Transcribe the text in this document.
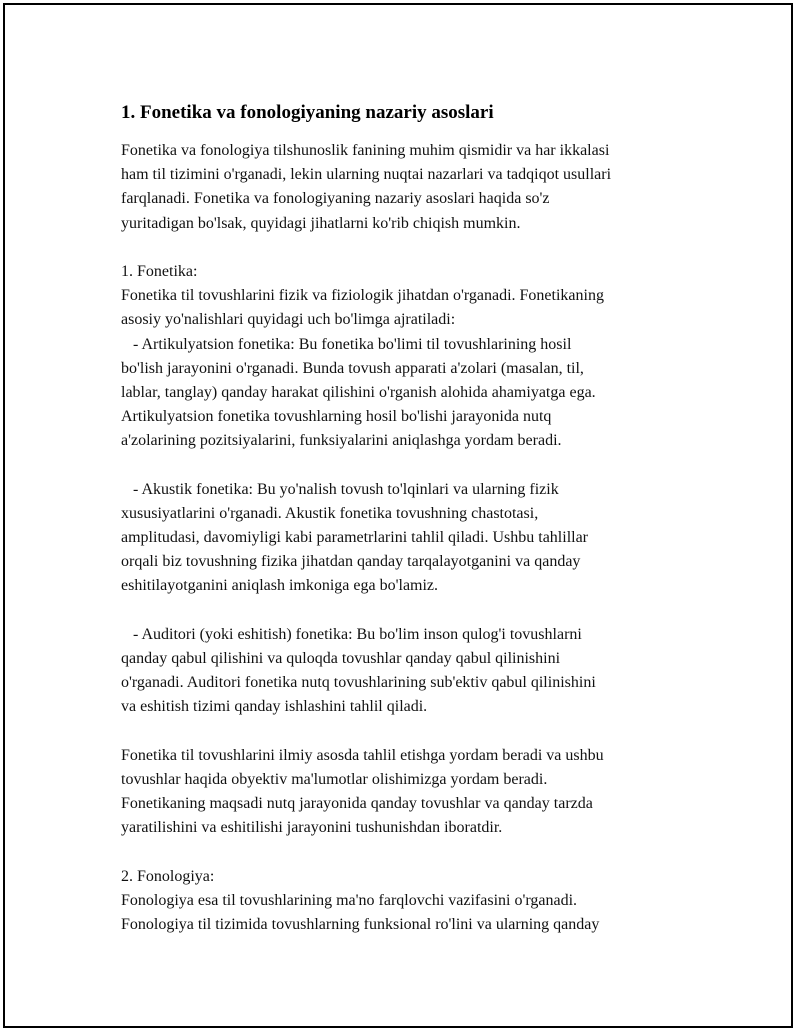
1. Fonetika va fonologiyaning nazariy asoslari
Fonetika va fonologiya tilshunoslik fanining muhim qismidir va har ikkalasi
ham til tizimini o'rganadi, lekin ularning nuqtai nazarlari va tadqiqot usullari
farqlanadi. Fonetika va fonologiyaning nazariy asoslari haqida so'z
yuritadigan bo'lsak, quyidagi jihatlarni ko'rib chiqish mumkin.
1. Fonetika:
Fonetika til tovushlarini fizik va fiziologik jihatdan o'rganadi. Fonetikaning
asosiy yo'nalishlari quyidagi uch bo'limga ajratiladi:
- Artikulyatsion fonetika: Bu fonetika bo'limi til tovushlarining hosil
bo'lish jarayonini o'rganadi. Bunda tovush apparati a'zolari (masalan, til,
lablar, tanglay) qanday harakat qilishini o'rganish alohida ahamiyatga ega.
Artikulyatsion fonetika tovushlarning hosil bo'lishi jarayonida nutq
a'zolarining pozitsiyalarini, funksiyalarini aniqlashga yordam beradi.
- Akustik fonetika: Bu yo'nalish tovush to'lqinlari va ularning fizik
xususiyatlarini o'rganadi. Akustik fonetika tovushning chastotasi,
amplitudasi, davomiyligi kabi parametrlarini tahlil qiladi. Ushbu tahlillar
orqali biz tovushning fizika jihatdan qanday tarqalayotganini va qanday
eshitilayotganini aniqlash imkoniga ega bo'lamiz.
- Auditori (yoki eshitish) fonetika: Bu bo'lim inson qulog'i tovushlarni
qanday qabul qilishini va quloqda tovushlar qanday qabul qilinishini
o'rganadi. Auditori fonetika nutq tovushlarining sub'ektiv qabul qilinishini
va eshitish tizimi qanday ishlashini tahlil qiladi.
Fonetika til tovushlarini ilmiy asosda tahlil etishga yordam beradi va ushbu
tovushlar haqida obyektiv ma'lumotlar olishimizga yordam beradi.
Fonetikaning maqsadi nutq jarayonida qanday tovushlar va qanday tarzda
yaratilishini va eshitilishi jarayonini tushunishdan iboratdir.
2. Fonologiya:
Fonologiya esa til tovushlarining ma'no farqlovchi vazifasini o'rganadi.
Fonologiya til tizimida tovushlarning funksional ro'lini va ularning qanday
